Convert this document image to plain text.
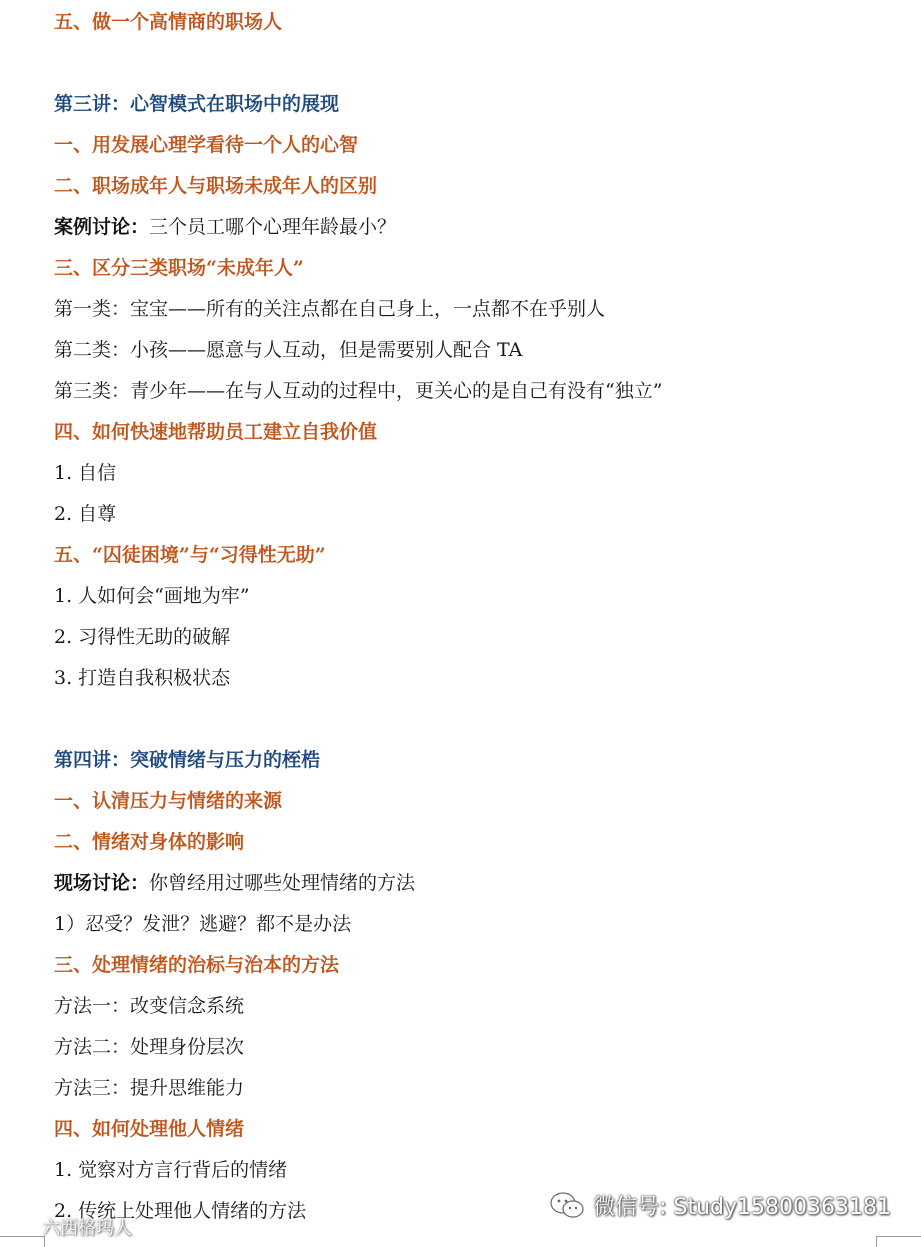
五、做一个高情商的职场人
第三讲：心智模式在职场中的展现
一、用发展心理学看待一个人的心智
二、职场成年人与职场未成年人的区别
案例讨论：三个员工哪个心理年龄最小？
三、区分三类职场“未成年人”
第一类：宝宝——所有的关注点都在自己身上，一点都不在乎别人
第二类：小孩——愿意与人互动，但是需要别人配合 TA
第三类：青少年——在与人互动的过程中，更关心的是自己有没有“独立”
四、如何快速地帮助员工建立自我价值
1. 自信
2. 自尊
五、“囚徒困境”与“习得性无助”
1. 人如何会“画地为牢”
2. 习得性无助的破解
3. 打造自我积极状态
第四讲：突破情绪与压力的桎梏
一、认清压力与情绪的来源
二、情绪对身体的影响
现场讨论：你曾经用过哪些处理情绪的方法
1）忍受？发泄？逃避？都不是办法
三、处理情绪的治标与治本的方法
方法一：改变信念系统
方法二：处理身份层次
方法三：提升思维能力
四、如何处理他人情绪
1. 觉察对方言行背后的情绪
2. 传统上处理他人情绪的方法	微信号: Study15800363181
六西格玛人
